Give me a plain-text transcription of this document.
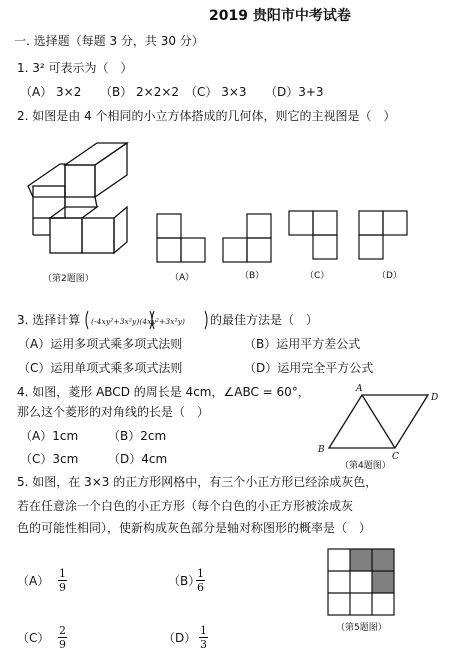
2019 贵阳市中考试卷
一. 选择题（每题 3 分，共 30 分）
1. 3² 可表示为（　）
（A） 3×2 （B） 2×2×2 （C） 3×3 （D）3+3
2. 如图是由 4 个相同的小立方体搭成的几何体，则它的主视图是（　）
（第2题图）	（A）	（B）	（C）	（D）
3. 选择计算 (-4xy²+3x²y)(4xy²+3x²y) 的最佳方法是（　）
（A）运用多项式乘多项式法则	（B）运用平方差公式
（C）运用单项式乘多项式法则	（D）运用完全平方公式
4. 如图，菱形 ABCD 的周长是 4cm，∠ABC = 60°，
那么这个菱形的对角线的长是（　）
（A）1cm （B）2cm
（C）3cm （D）4cm
A
B
C
D
（第4题图）
5. 如图，在 3×3 的正方形网格中，有三个小正方形已经涂成灰色，
若在任意涂一个白色的小正方形（每个白色的小正方形被涂成灰
色的可能性相同），使新构成灰色部分是轴对称图形的概率是（　）
（A）
1
9	（B）
1
6
（C）
2
9	（D）
1
3
（第5题图）
